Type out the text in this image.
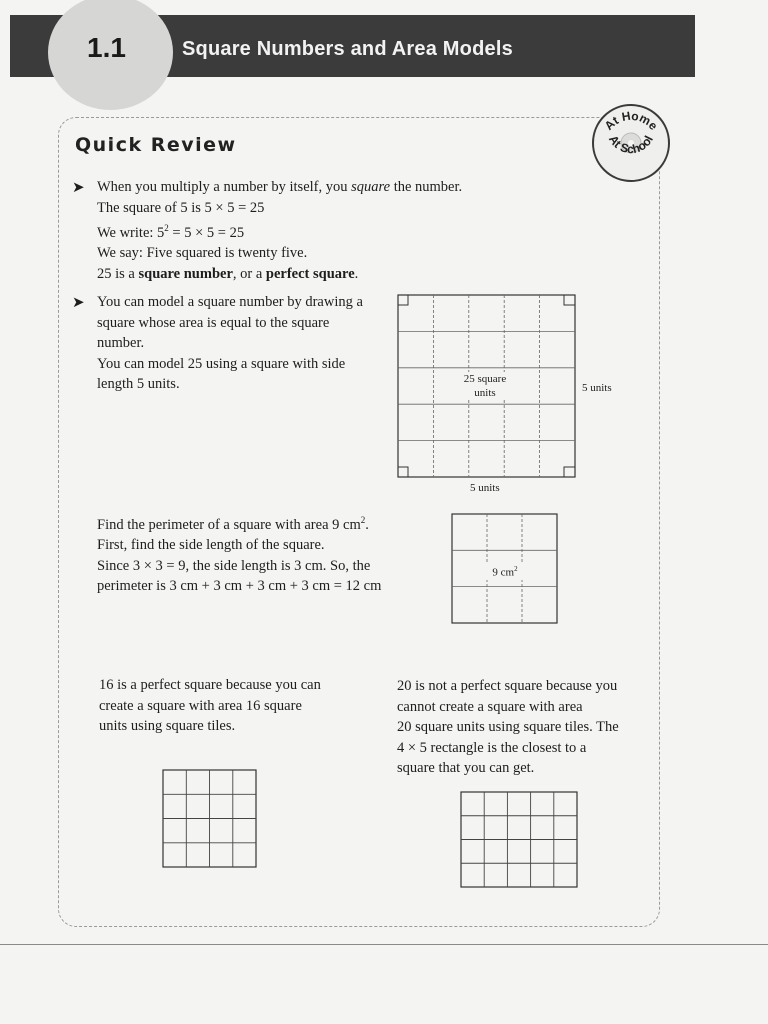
1.1	Square Numbers and Area Models
Quick Review
At Home
At School
➤ When you multiply a number by itself, you square the number.
The square of 5 is 5 × 5 = 25
We write: $5^2 = 5 \times 5 = 25$
We say: Five squared is twenty five.
25 is a square number, or a perfect square.
➤ You can model a square number by drawing a
square whose area is equal to the square
number.
You can model 25 using a square with side
length 5 units.	25 square
units	5 units
5 units
Find the perimeter of a square with area 9 $cm^2$.
First, find the side length of the square.
Since 3 × 3 = 9, the side length is 3 cm. So, the
perimeter is 3 cm + 3 cm + 3 cm + 3 cm = 12 cm
9 $cm^2$
16 is a perfect square because you can
create a square with area 16 square
units using square tiles.
20 is not a perfect square because you
cannot create a square with area
20 square units using square tiles. The
4 × 5 rectangle is the closest to a
square that you can get.
